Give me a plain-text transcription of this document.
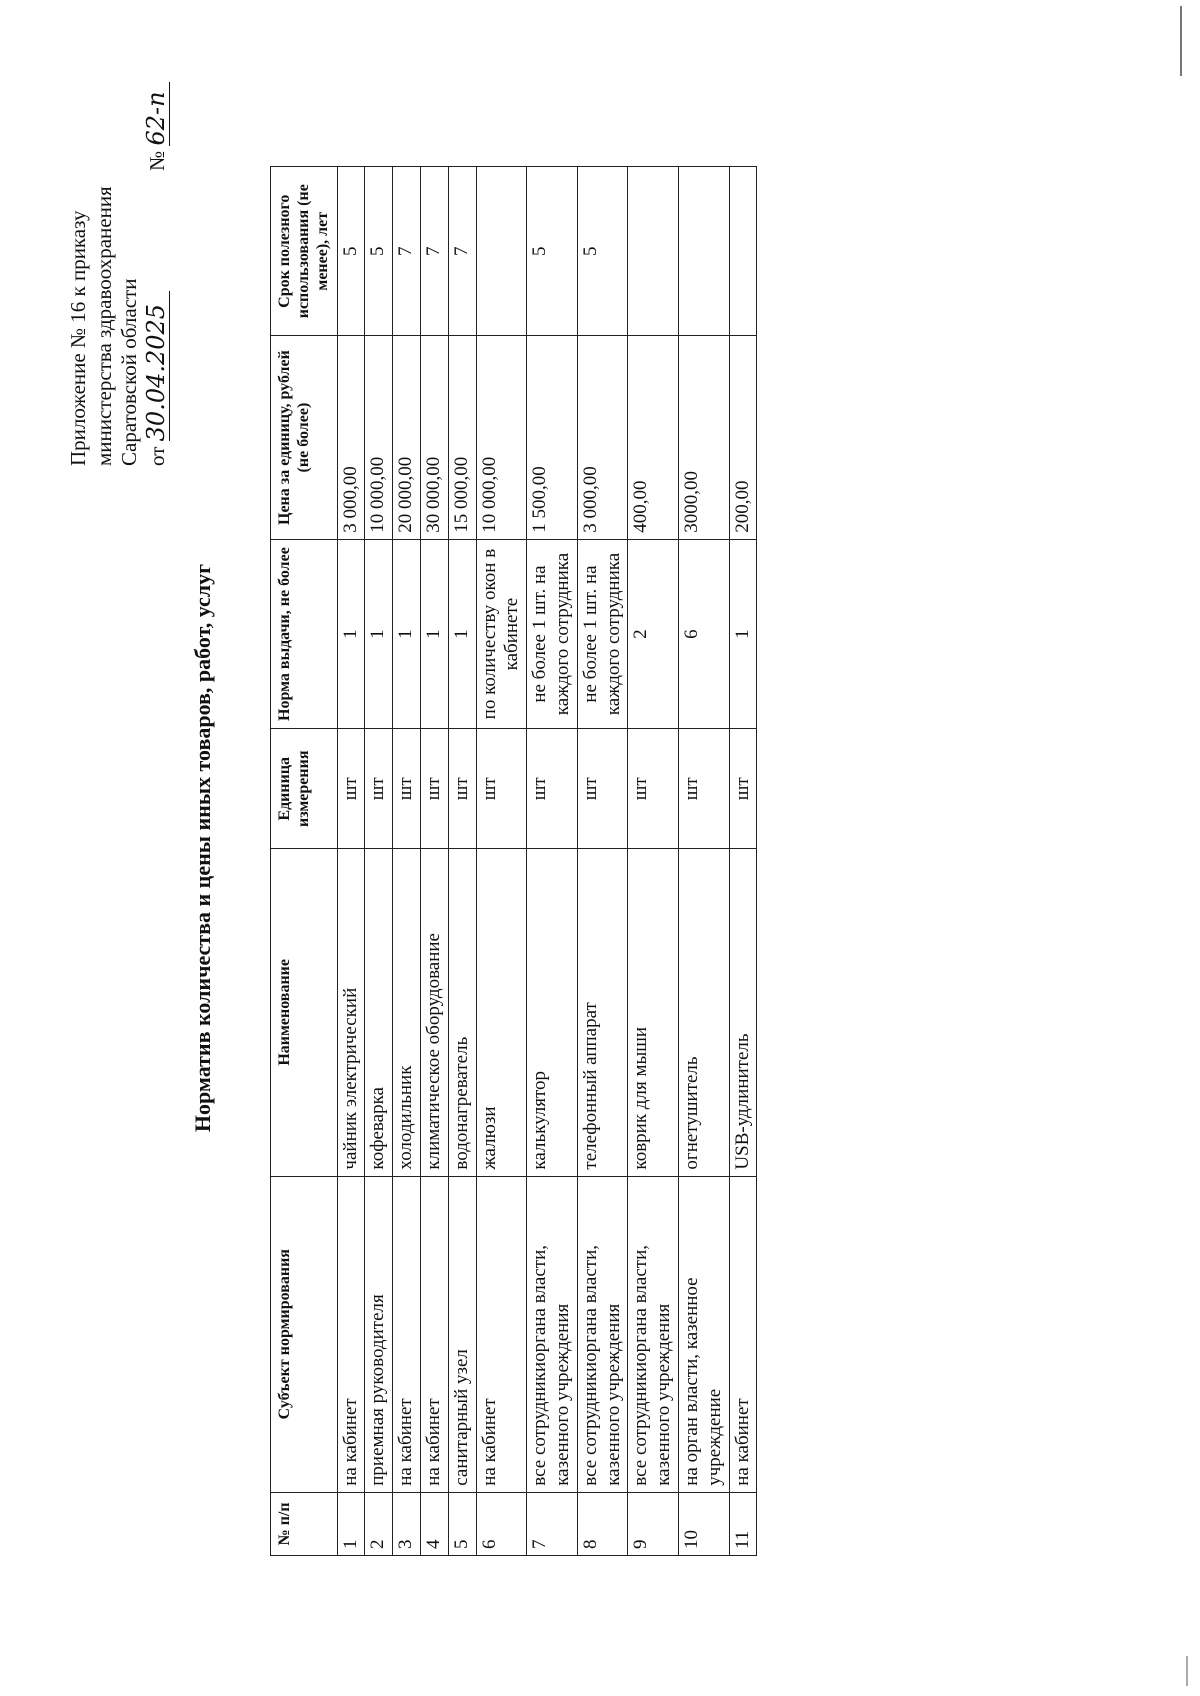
Приложение № 16 к приказу министерства здравоохранения Саратовской области от 30.04.2025  № 62-п
Норматив количества и цены иных товаров, работ, услуг
№ п/п	Субъект нормирования	Наименование	Единица измерения	Норма выдачи, не более	Цена за единицу, рублей (не более)	Срок полезного использования (не менее), лет
1	на кабинет	чайник электрический	шт	1	3 000,00	5
2	приемная руководителя	кофеварка	шт	1	10 000,00	5
3	на кабинет	холодильник	шт	1	20 000,00	7
4	на кабинет	климатическое оборудование	шт	1	30 000,00	7
5	санитарный узел	водонагреватель	шт	1	15 000,00	7
6	на кабинет	жалюзи	шт	по количеству окон в кабинете	10 000,00	
7	все сотрудникиоргана власти, казенного учреждения	калькулятор	шт	не более 1 шт. на каждого сотрудника	1 500,00	5
8	все сотрудникиоргана власти, казенного учреждения	телефонный аппарат	шт	не более 1 шт. на каждого сотрудника	3 000,00	5
9	все сотрудникиоргана власти, казенного учреждения	коврик для мыши	шт	2	400,00	
10	на орган власти, казенное учреждение	огнетушитель	шт	6	3000,00	
11	на кабинет	USB-удлинитель	шт	1	200,00	
